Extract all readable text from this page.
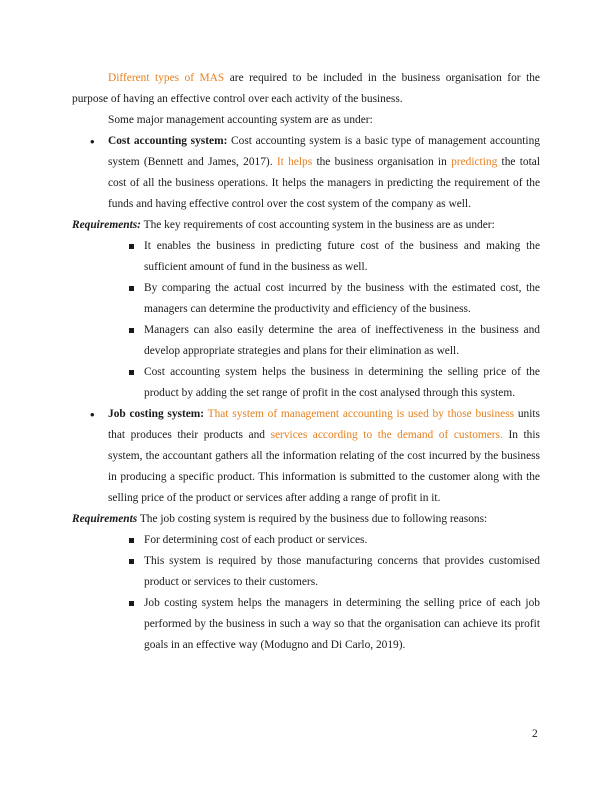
Different types of MAS are required to be included in the business organisation for the purpose of having an effective control over each activity of the business.

Some major management accounting system are as under:

• Cost accounting system: Cost accounting system is a basic type of management accounting system (Bennett and James, 2017). It helps the business organisation in predicting the total cost of all the business operations. It helps the managers in predicting the requirement of the funds and having effective control over the cost system of the company as well.

Requirements: The key requirements of cost accounting system in the business are as under:

It enables the business in predicting future cost of the business and making the sufficient amount of fund in the business as well.
By comparing the actual cost incurred by the business with the estimated cost, the managers can determine the productivity and efficiency of the business.
Managers can also easily determine the area of ineffectiveness in the business and develop appropriate strategies and plans for their elimination as well.
Cost accounting system helps the business in determining the selling price of the product by adding the set range of profit in the cost analysed through this system.
• Job costing system: That system of management accounting is used by those business units that produces their products and services according to the demand of customers. In this system, the accountant gathers all the information relating of the cost incurred by the business in producing a specific product. This information is submitted to the customer along with the selling price of the product or services after adding a range of profit in it.

Requirements The job costing system is required by the business due to following reasons:

For determining cost of each product or services.
This system is required by those manufacturing concerns that provides customised product or services to their customers.
Job costing system helps the managers in determining the selling price of each job performed by the business in such a way so that the organisation can achieve its profit goals in an effective way (Modugno and Di Carlo, 2019).
2
